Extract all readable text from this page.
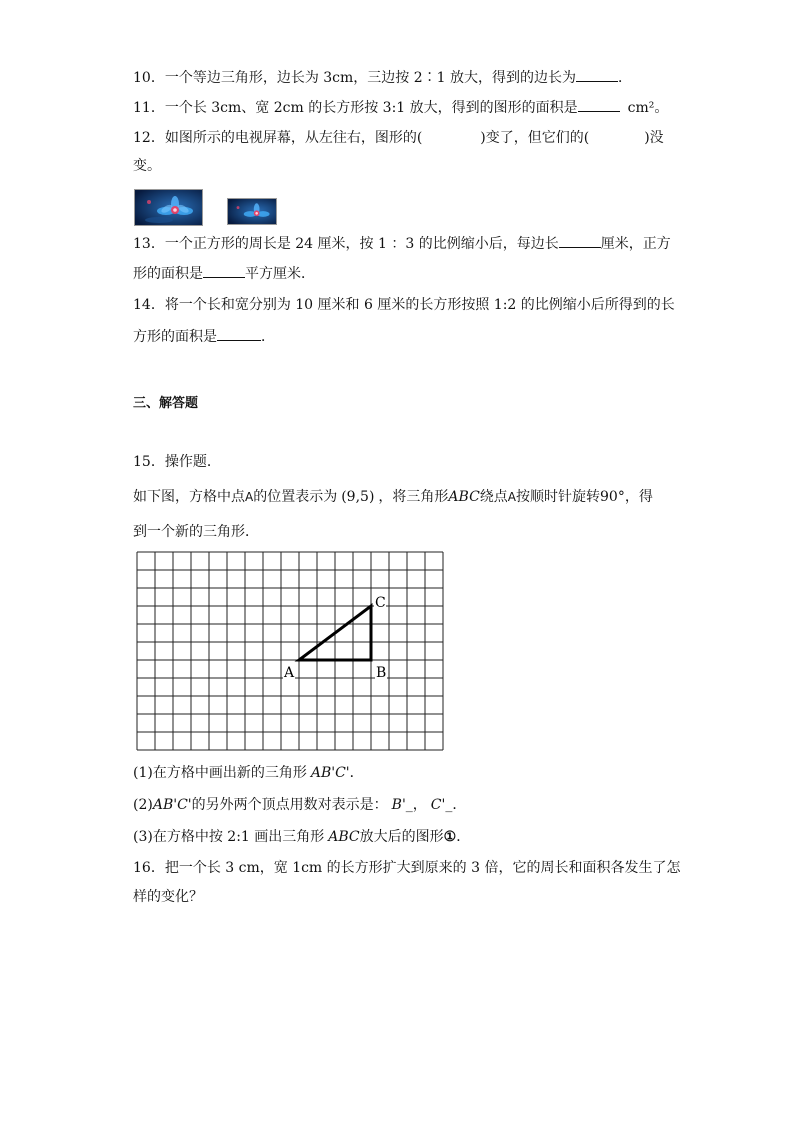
10．一个等边三角形，边长为 3cm，三边按 2∶1 放大，得到的边长为	．
11．一个长 3cm、宽 2cm 的长方形按 3:1 放大，得到的图形的面积是	cm²。
12．如图所示的电视屏幕，从左往右，图形的(	)变了，但它们的(	)没
变。
13．一个正方形的周长是 24 厘米，按 1 ：3 的比例缩小后，每边长	厘米，正方
形的面积是	平方厘米．
14．将一个长和宽分别为 10 厘米和 6 厘米的长方形按照 1:2 的比例缩小后所得到的长
方形的面积是	．
三、解答题
15．操作题．
如下图，方格中点A的位置表示为 (9,5) ，将三角形ABC绕点A按顺时针旋转90°，得
到一个新的三角形．
A	B
C
(1)在方格中画出新的三角形 AB'C'．
(2)AB'C'的另外两个顶点用数对表示是： B'_， C'_．
(3)在方格中按 2:1 画出三角形 ABC放大后的图形①．
16．把一个长 3 cm，宽 1cm 的长方形扩大到原来的 3 倍，它的周长和面积各发生了怎
样的变化？
